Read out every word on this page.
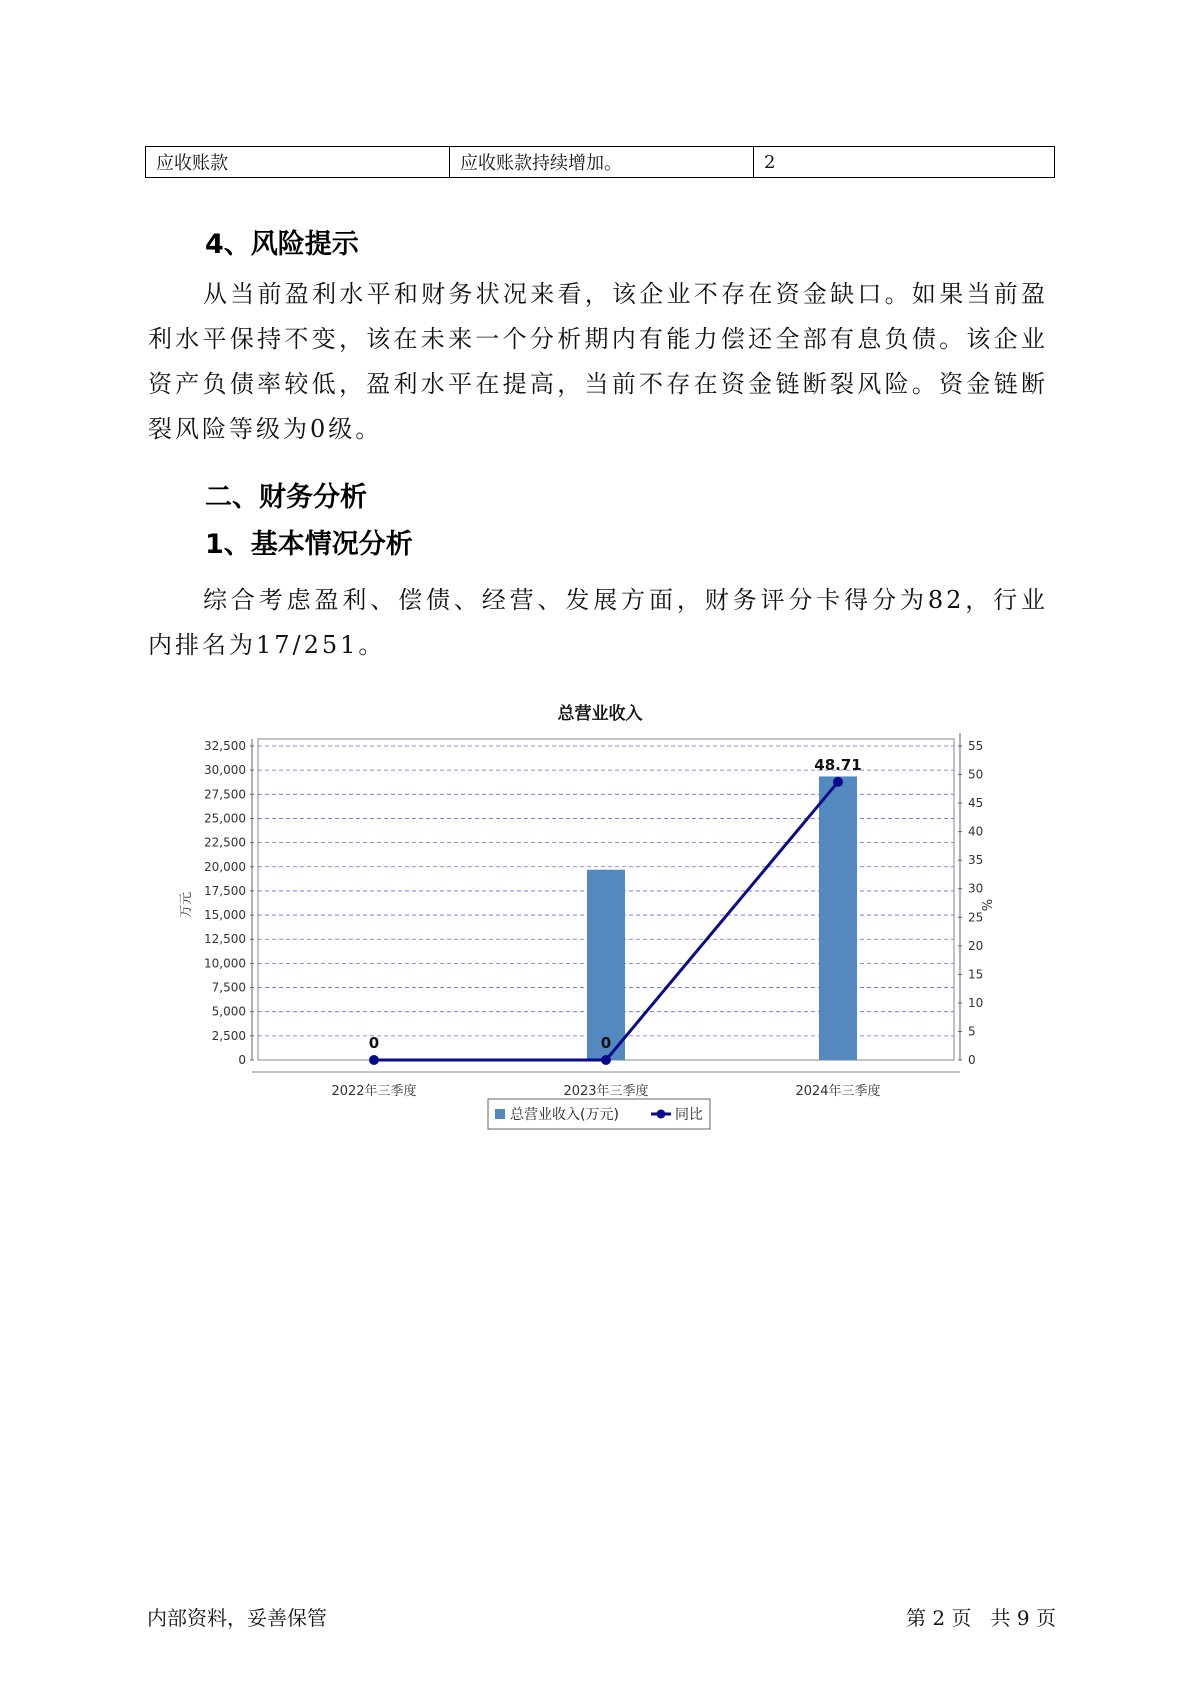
应收账款	应收账款持续增加。	2
4、风险提示
从当前盈利水平和财务状况来看，该企业不存在资金缺口。如果当前盈利水平保持不变，该在未来一个分析期内有能力偿还全部有息负债。该企业资产负债率较低，盈利水平在提高，当前不存在资金链断裂风险。资金链断裂风险等级为0级。
二、财务分析
1、基本情况分析
综合考虑盈利、偿债、经营、发展方面，财务评分卡得分为82，行业内排名为17/251。
总营业收入
0
2,500
5,000
7,500
10,000
12,500
15,000
17,500
20,000
22,500
25,000
27,500
30,000
32,500
0
5
10
15
20
25
30
35
40
45
50
55
万元	%
2022年三季度	2023年三季度	2024年三季度
0	0
48.71
总营业收入(万元)	同比
内部资料，妥善保管	第 2 页   共 9 页
